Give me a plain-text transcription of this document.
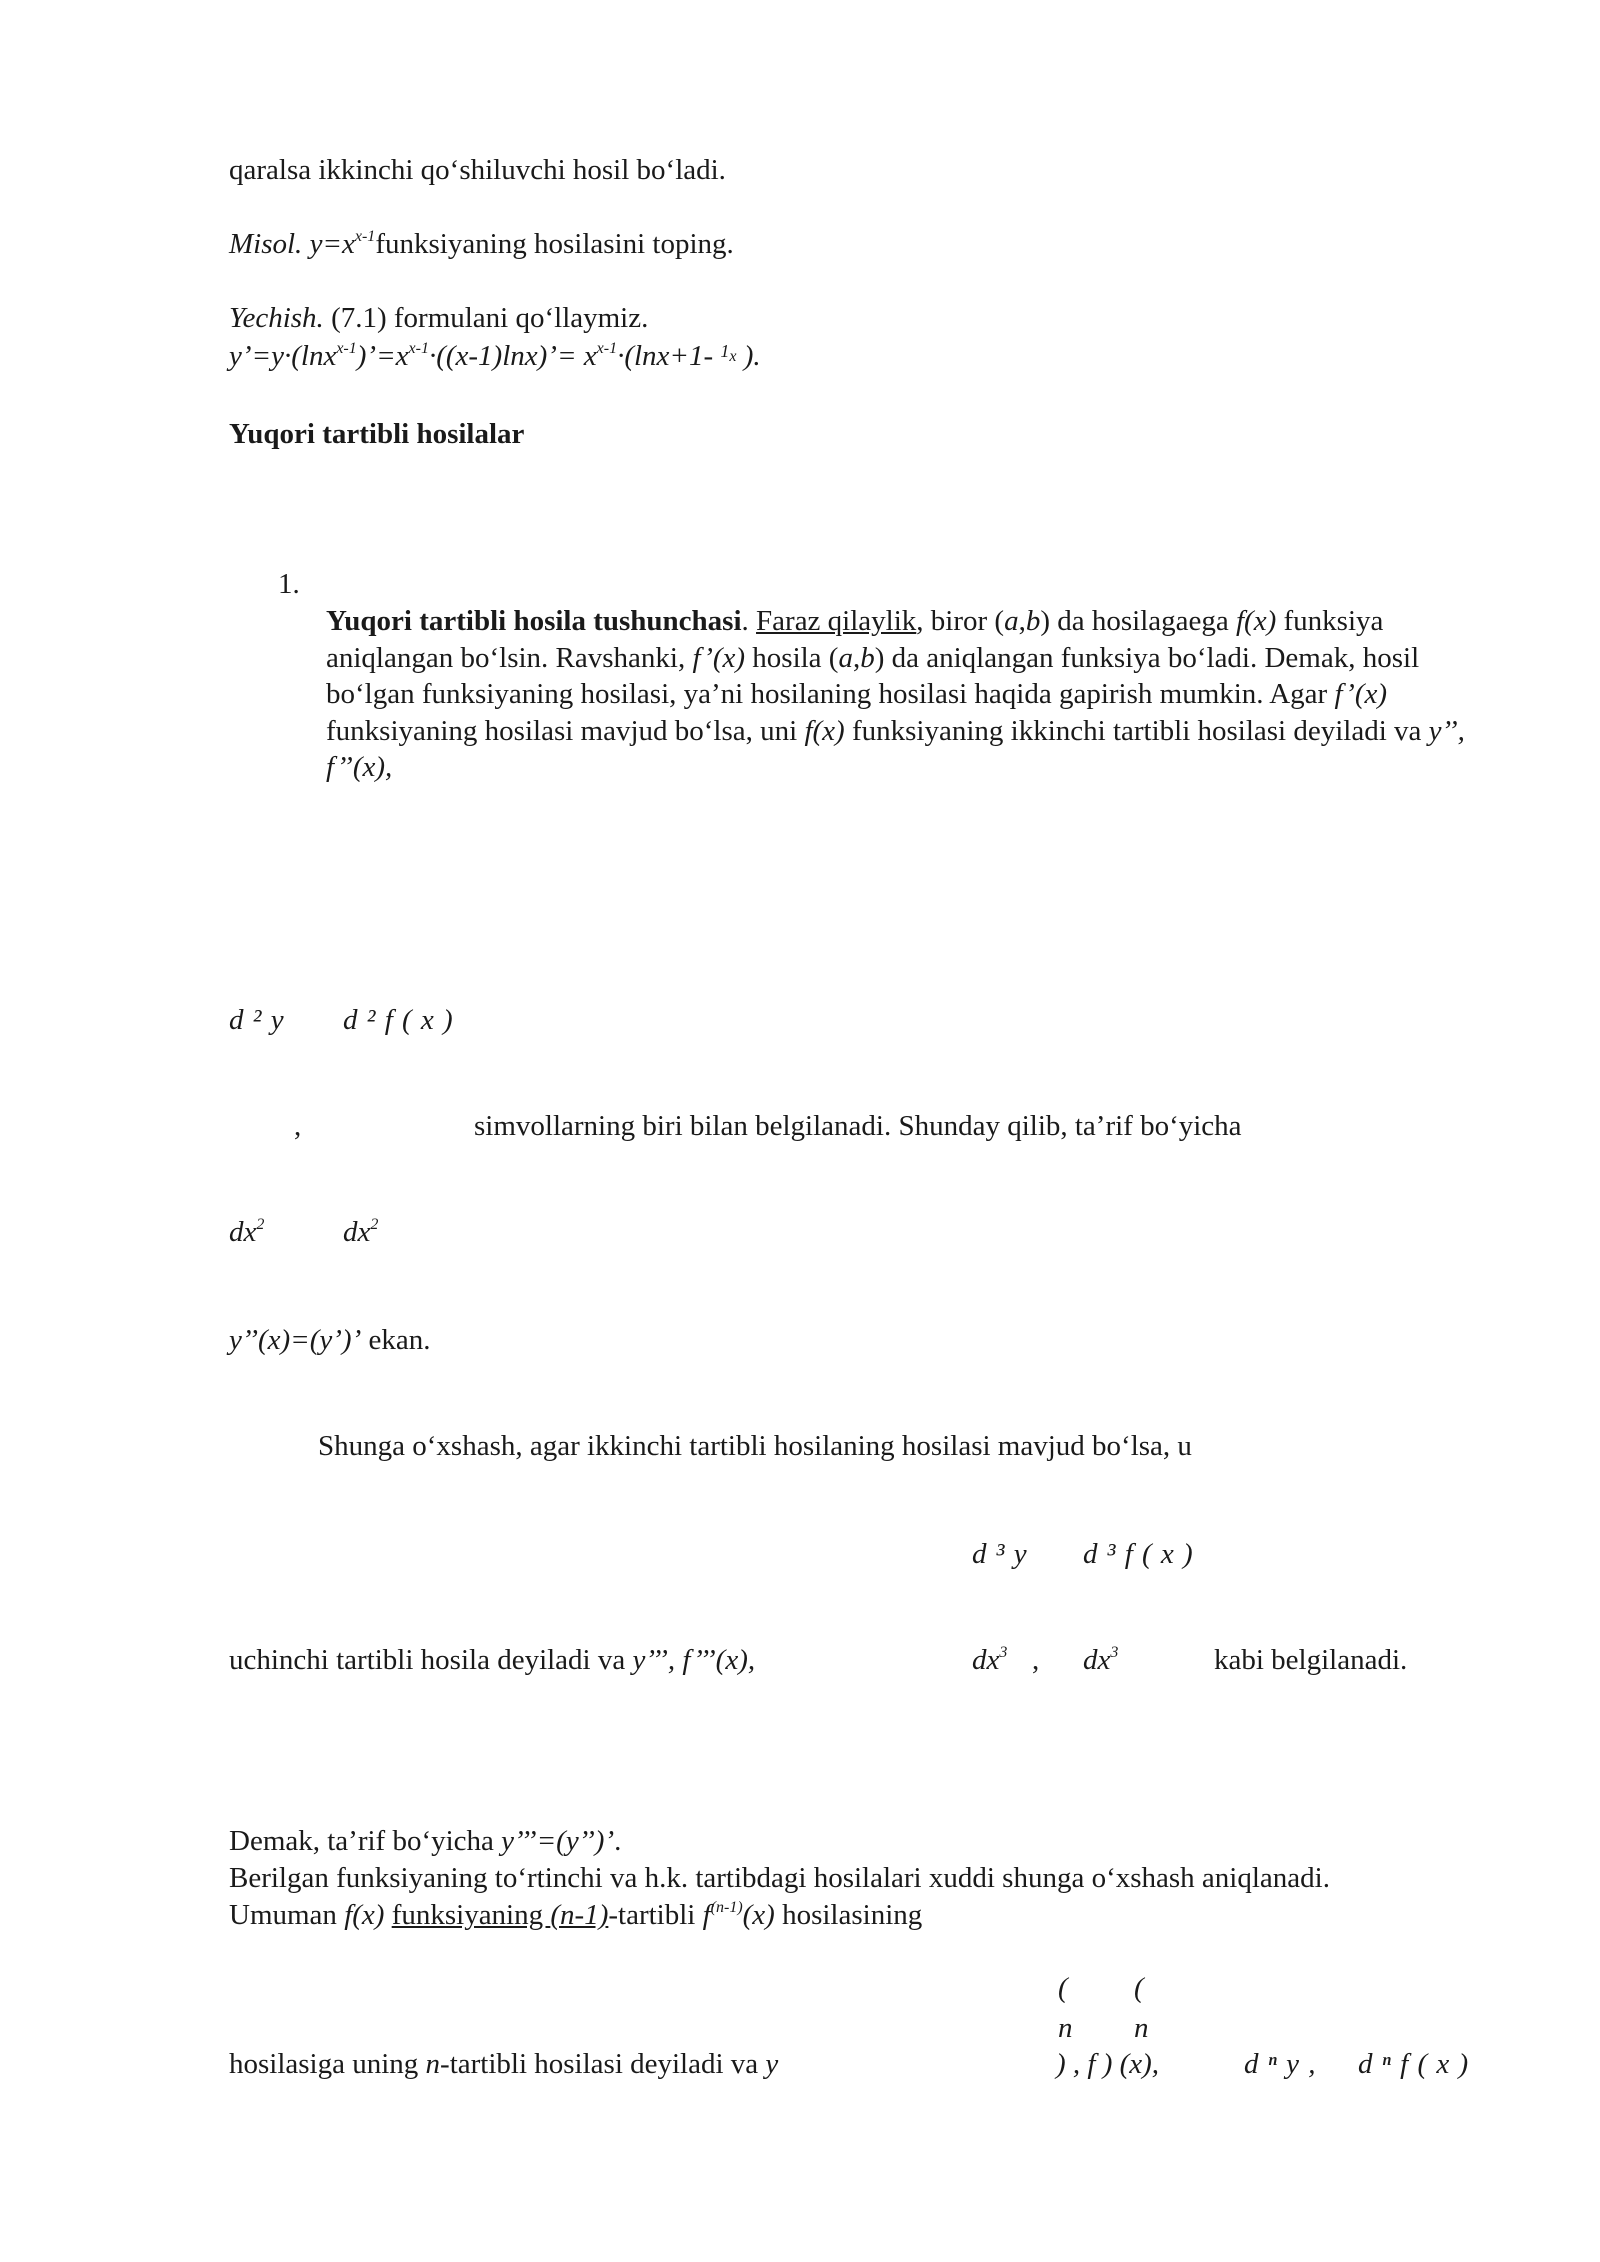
qaralsa ikkinchi qo‘shiluvchi hosil bo‘ladi.
Misol. $y=x^{x-1}funksiyaning$ hosilasini toping.
Yechish. (7.1) formulani qo‘llaymiz.
$y’=y\cdot(\ln x^{x-1})’=x^{x-1}\cdot((x-1)\ln x)’= x^{x-1}\cdot(\ln x+1-$ $1_x$ ).
Yuqori tartibli hosilalar
1.
Yuqori tartibli hosila tushunchasi. Faraz qilaylik, biror (a,b) da hosilagaega f(x) funksiya aniqlangan bo‘lsin. Ravshanki, f’(x) hosila (a,b) da aniqlangan funksiya bo‘ladi. Demak, hosil bo‘lgan funksiyaning hosilasi, ya’ni hosilaning hosilasi haqida gapirish mumkin. Agar f’(x) funksiyaning hosilasi mavjud bo‘lsa, uni f(x) funksiyaning ikkinchi tartibli hosilasi deyiladi va y’’, f’’(x),
d ² y d ² f ( x )
,	simvollarning biri bilan belgilanadi. Shunday qilib, ta’rif bo‘yicha
$dx^2$	$dx^2$
y’’(x)=(y’)’ ekan.
Shunga o‘xshash, agar ikkinchi tartibli hosilaning hosilasi mavjud bo‘lsa, u
d ³ y d ³ f ( x )
uchinchi tartibli hosila deyiladi va y’’’, f’’’(x),	$dx^3$ , $dx^3$	kabi belgilanadi.
Demak, ta’rif bo‘yicha y’’’=(y’’)’.
Berilgan funksiyaning to‘rtinchi va h.k. tartibdagi hosilalari xuddi shunga o‘xshash aniqlanadi.
Umuman f(x) funksiyaning (n-1)-tartibli $f^{(n-1)}(x)$ hosilasining
( (
n n
hosilasiga uning n-tartibli hosilasi deyiladi va y	) , f ) (x),	d ⁿ y , d ⁿ f ( x )
